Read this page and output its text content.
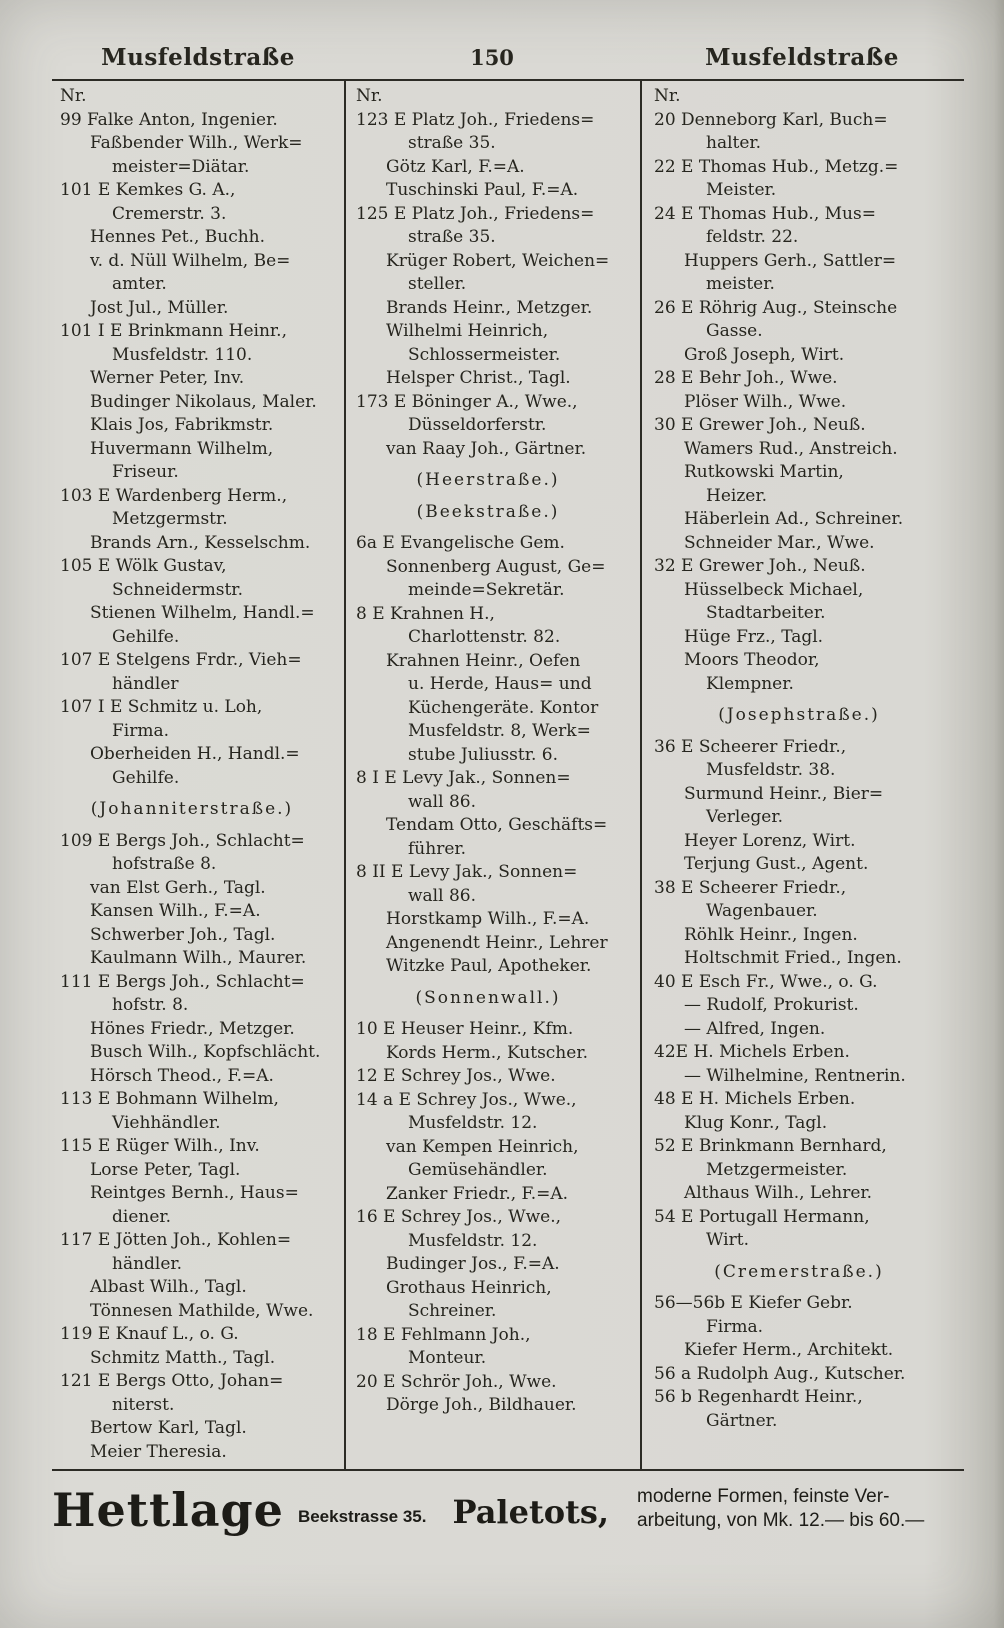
Musfeldstraße	150	Musfeldstraße
Nr.
99 Falke Anton, Ingenier.
Faßbender Wilh., Werk=
meister=Diätar.
101 E Kemkes G. A.,
Cremerstr. 3.
Hennes Pet., Buchh.
v. d. Nüll Wilhelm, Be=
amter.
Jost Jul., Müller.
101 I E Brinkmann Heinr.,
Musfeldstr. 110.
Werner Peter, Inv.
Budinger Nikolaus, Maler.
Klais Jos, Fabrikmstr.
Huvermann Wilhelm,
Friseur.
103 E Wardenberg Herm.,
Metzgermstr.
Brands Arn., Kesselschm.
105 E Wölk Gustav,
Schneidermstr.
Stienen Wilhelm, Handl.=
Gehilfe.
107 E Stelgens Frdr., Vieh=
händler
107 I E Schmitz u. Loh,
Firma.
Oberheiden H., Handl.=
Gehilfe.
(Johanniterstraße.)
109 E Bergs Joh., Schlacht=
hofstraße 8.
van Elst Gerh., Tagl.
Kansen Wilh., F.=A.
Schwerber Joh., Tagl.
Kaulmann Wilh., Maurer.
111 E Bergs Joh., Schlacht=
hofstr. 8.
Hönes Friedr., Metzger.
Busch Wilh., Kopfschlächt.
Hörsch Theod., F.=A.
113 E Bohmann Wilhelm,
Viehhändler.
115 E Rüger Wilh., Inv.
Lorse Peter, Tagl.
Reintges Bernh., Haus=
diener.
117 E Jötten Joh., Kohlen=
händler.
Albast Wilh., Tagl.
Tönnesen Mathilde, Wwe.
119 E Knauf L., o. G.
Schmitz Matth., Tagl.
121 E Bergs Otto, Johan=
niterst.
Bertow Karl, Tagl.
Meier Theresia.
Nr.
123 E Platz Joh., Friedens=
straße 35.
Götz Karl, F.=A.
Tuschinski Paul, F.=A.
125 E Platz Joh., Friedens=
straße 35.
Krüger Robert, Weichen=
steller.
Brands Heinr., Metzger.
Wilhelmi Heinrich,
Schlossermeister.
Helsper Christ., Tagl.
173 E Böninger A., Wwe.,
Düsseldorferstr.
van Raay Joh., Gärtner.
(Heerstraße.)
(Beekstraße.)
6a E Evangelische Gem.
Sonnenberg August, Ge=
meinde=Sekretär.
8 E Krahnen H.,
Charlottenstr. 82.
Krahnen Heinr., Oefen
u. Herde, Haus= und
Küchengeräte. Kontor
Musfeldstr. 8, Werk=
stube Juliusstr. 6.
8 I E Levy Jak., Sonnen=
wall 86.
Tendam Otto, Geschäfts=
führer.
8 II E Levy Jak., Sonnen=
wall 86.
Horstkamp Wilh., F.=A.
Angenendt Heinr., Lehrer
Witzke Paul, Apotheker.
(Sonnenwall.)
10 E Heuser Heinr., Kfm.
Kords Herm., Kutscher.
12 E Schrey Jos., Wwe.
14 a E Schrey Jos., Wwe.,
Musfeldstr. 12.
van Kempen Heinrich,
Gemüsehändler.
Zanker Friedr., F.=A.
16 E Schrey Jos., Wwe.,
Musfeldstr. 12.
Budinger Jos., F.=A.
Grothaus Heinrich,
Schreiner.
18 E Fehlmann Joh.,
Monteur.
20 E Schrör Joh., Wwe.
Dörge Joh., Bildhauer.
Nr.
20 Denneborg Karl, Buch=
halter.
22 E Thomas Hub., Metzg.=
Meister.
24 E Thomas Hub., Mus=
feldstr. 22.
Huppers Gerh., Sattler=
meister.
26 E Röhrig Aug., Steinsche
Gasse.
Groß Joseph, Wirt.
28 E Behr Joh., Wwe.
Plöser Wilh., Wwe.
30 E Grewer Joh., Neuß.
Wamers Rud., Anstreich.
Rutkowski Martin,
Heizer.
Häberlein Ad., Schreiner.
Schneider Mar., Wwe.
32 E Grewer Joh., Neuß.
Hüsselbeck Michael,
Stadtarbeiter.
Hüge Frz., Tagl.
Moors Theodor,
Klempner.
(Josephstraße.)
36 E Scheerer Friedr.,
Musfeldstr. 38.
Surmund Heinr., Bier=
Verleger.
Heyer Lorenz, Wirt.
Terjung Gust., Agent.
38 E Scheerer Friedr.,
Wagenbauer.
Röhlk Heinr., Ingen.
Holtschmit Fried., Ingen.
40 E Esch Fr., Wwe., o. G.
— Rudolf, Prokurist.
— Alfred, Ingen.
42E H. Michels Erben.
— Wilhelmine, Rentnerin.
48 E H. Michels Erben.
Klug Konr., Tagl.
52 E Brinkmann Bernhard,
Metzgermeister.
Althaus Wilh., Lehrer.
54 E Portugall Hermann,
Wirt.
(Cremerstraße.)
56—56b E Kiefer Gebr.
Firma.
Kiefer Herm., Architekt.
56 a Rudolph Aug., Kutscher.
56 b Regenhardt Heinr.,
Gärtner.
Hettlage Beekstrasse 35. Paletots, moderne Formen, feinste Ver-
arbeitung, von Mk. 12.— bis 60.—
